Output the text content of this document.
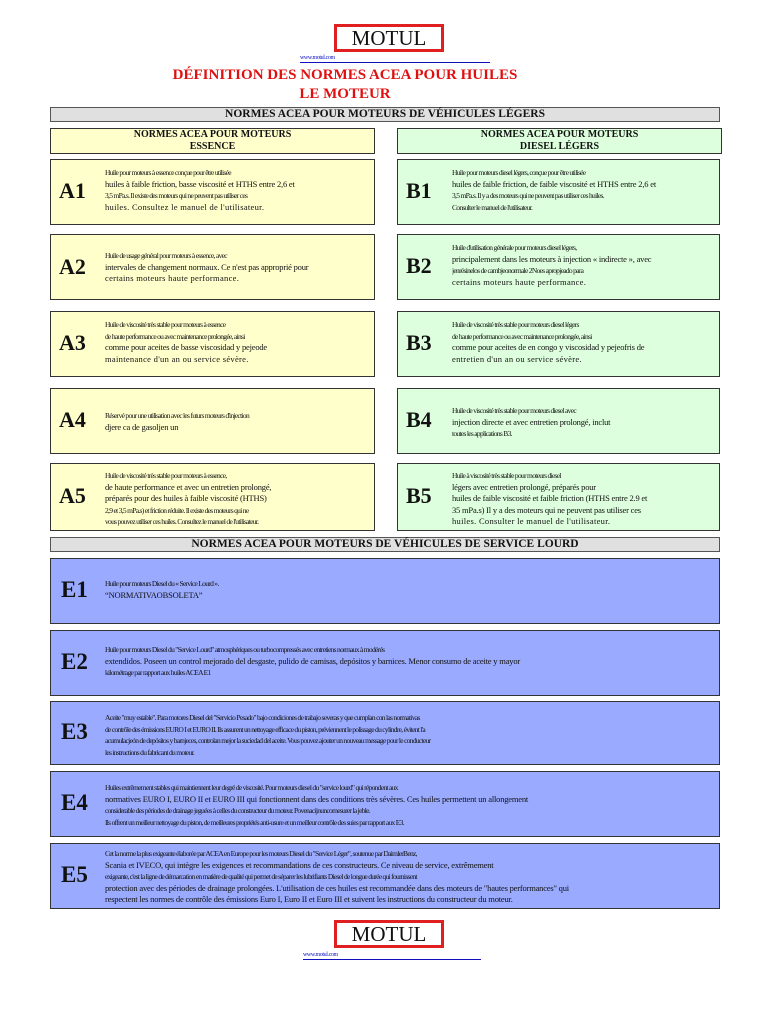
MOTUL
www.motul.com
DÉFINITION DES NORMES ACEA POUR HUILES
LE MOTEUR
NORMES ACEA POUR MOTEURS DE VÉHICULES LÉGERS
NORMES ACEA POUR MOTEURS
ESSENCE
NORMES ACEA POUR MOTEURS
DIESEL LÉGERS
A1
Huile pour moteurs à essence conçue pour être utilisée
huiles à faible friction, basse viscosité et HTHS entre 2,6 et
3,5 mPa.s. Il existe des moteurs qui ne peuvent pas utiliser ces
huiles. Consultez le manuel de l'utilisateur.
A2	Huile de usage général pour moteurs à essence, avec
intervales de changement normaux. Ce n'est pas approprié pour
certains moteurs haute performance.
A3
Huile de viscosité très stable pour moteurs à essence
de haute performance ou avec maintenance prolongée, ainsi
comme pour aceites de basse viscosidad y pejeode
maintenance d'un an ou service sévère.
A4	Réservé pour une utilisation avec les futurs moteurs d'injection
djere ca de gasoljen un
A5
Huile de viscosité très stable pour moteurs à essence,
de haute performance et avec un entretien prolongé,
préparés pour des huiles à faible viscosité (HTHS)
2,9 et 3,5 mPa.s) et friction réduite. Il existe des moteurs qui ne
vous pouvez utiliser ces huiles. Consultez le manuel de l'utilisateur.
B1
Huile pour moteurs diesel légers, conçue pour être utilisée
huiles de faible friction, de faible viscosité et HTHS entre 2,6 et
3,5 mPa.s. Il y a des moteurs qui ne peuvent pas utiliser ces huiles.
Consulter le manuel de l'utilisateur.
B2
Huile d'utilisation générale pour moteurs diesel légers,
principalement dans les moteurs à injection « indirecte », avec
jenrésinelos de cambjeonormale 2Noes apropjeado para
certains moteurs haute performance.
B3
Huile de viscosité très stable pour moteurs diesel légers
de haute performance ou avec maintenance prolongée, ainsi
comme pour aceites de en congo y viscosidad y pejeofris de
entretien d'un an ou service sévère.
B4	Huile de viscosité très stable pour moteurs diesel avec
injection directe et avec entretien prolongé, inclut
toutes les applications B3.
B5
Huile à viscosité très stable pour moteurs diesel
légers avec entretien prolongé, préparés pour
huiles de faible viscosité et faible friction (HTHS entre 2.9 et
35 mPa.s) Il y a des moteurs qui ne peuvent pas utiliser ces
huiles. Consulter le manuel de l'utilisateur.
NORMES ACEA POUR MOTEURS DE VÉHICULES DE SERVICE LOURD
E1 Huile pour moteurs Diesel du « Service Lourd ».
“NORMATIVAOBSOLETA”
E2 Huile pour moteurs Diesel du "Service Lourd" atmosphériques ou turbocompressés avec entretiens normaux à modérés
extendidos. Poseen un control mejorado del desgaste, pulido de camisas, depósitos y barnices. Menor consumo de aceite y mayor
kilométrage par rapport aux huiles ACEA E1
E3
Aceite "muy estable". Para motores Diesel del "Servicio Pesado" bajo condiciones de trabajo severas y que cumplan con las normativas
de contrôle des émissions EURO I et EURO II. Ils assurent un nettoyage efficace du piston, préviennent le polissage du cylindre, évitent l'a
acumulacjeón de depósitos y barnjeces, controlan mejor la suciedad del aceite. Vous pouvez ajouter un nouveau message pour le conducteur
les instructions du fabricant du moteur.
E4
Huiles extrêmement stables qui maintiennent leur degré de viscosité. Pour moteurs diesel du "service lourd" qui répondent aux
normatives EURO I, EURO II et EURO III qui fonctionnent dans des conditions très sévères. Ces huiles permettent un allongement
considerable des périodes de drainage jeguées à celles du constructeur du moteur. Povenacijnuncomesurer la jeble.
Ils offrent un meilleur nettoyage du piston, de meilleures propriétés anti-usure et un meilleur contrôle des suies par rapport aux E3.
E5
Cet la norme la plus exigeante élaborée par ACEA en Europe pour les moteurs Diesel du "Service Léger", soutenue par DaimlerBenz,
Scania et IVECO, qui intègre les exigences et recommandations de ces constructeurs. Ce niveau de service, extrêmement
exigeante, c'est la ligne de démarcation en matière de qualité qui permet de séparer les lubrifiants Diesel de longue durée qui fournissent
protection avec des périodes de drainage prolongées. L'utilisation de ces huiles est recommandée dans des moteurs de "hautes performances" qui
respectent les normes de contrôle des émissions Euro I, Euro II et Euro III et suivent les instructions du constructeur du moteur.
MOTUL
www.motul.com
